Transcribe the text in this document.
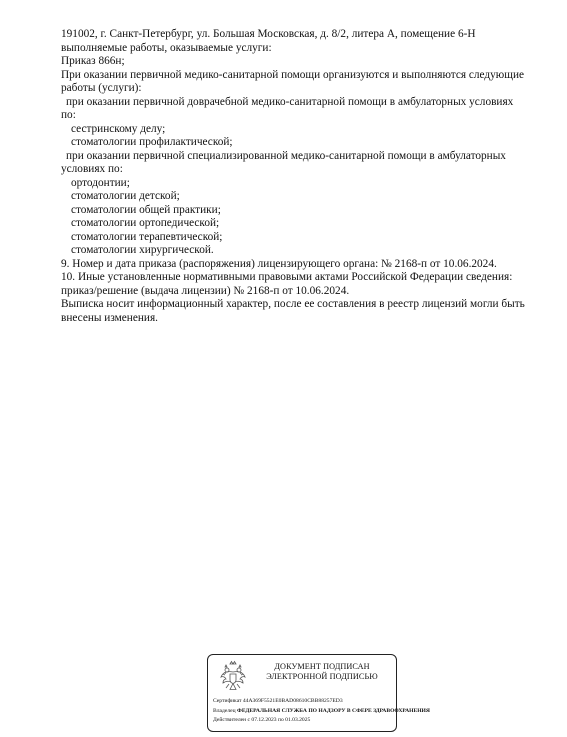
191002, г. Санкт-Петербург, ул. Большая Московская, д. 8/2, литера А, помещение 6-Н
выполняемые работы, оказываемые услуги:
Приказ 866н;
При оказании первичной медико-санитарной помощи организуются и выполняются следующие
работы (услуги):
при оказании первичной доврачебной медико-санитарной помощи в амбулаторных условиях
по:
сестринскому делу;
стоматологии профилактической;
при оказании первичной специализированной медико-санитарной помощи в амбулаторных
условиях по:
ортодонтии;
стоматологии детской;
стоматологии общей практики;
стоматологии ортопедической;
стоматологии терапевтической;
стоматологии хирургической.
9. Номер и дата приказа (распоряжения) лицензирующего органа: № 2168-п от 10.06.2024.
10. Иные установленные нормативными правовыми актами Российской Федерации сведения:
приказ/решение (выдача лицензии) № 2168-п от 10.06.2024.
Выписка носит информационный характер, после ее составления в реестр лицензий могли быть
внесены изменения.
ДОКУМЕНТ ПОДПИСАН
ЭЛЕКТРОННОЙ ПОДПИСЬЮ
Сертификат 44A369F5521E0BAD08610CBB88257ED3
Владелец ФЕДЕРАЛЬНАЯ СЛУЖБА ПО НАДЗОРУ В СФЕРЕ ЗДРАВООХРАНЕНИЯ
Действителен с 07.12.2023 по 01.03.2025
